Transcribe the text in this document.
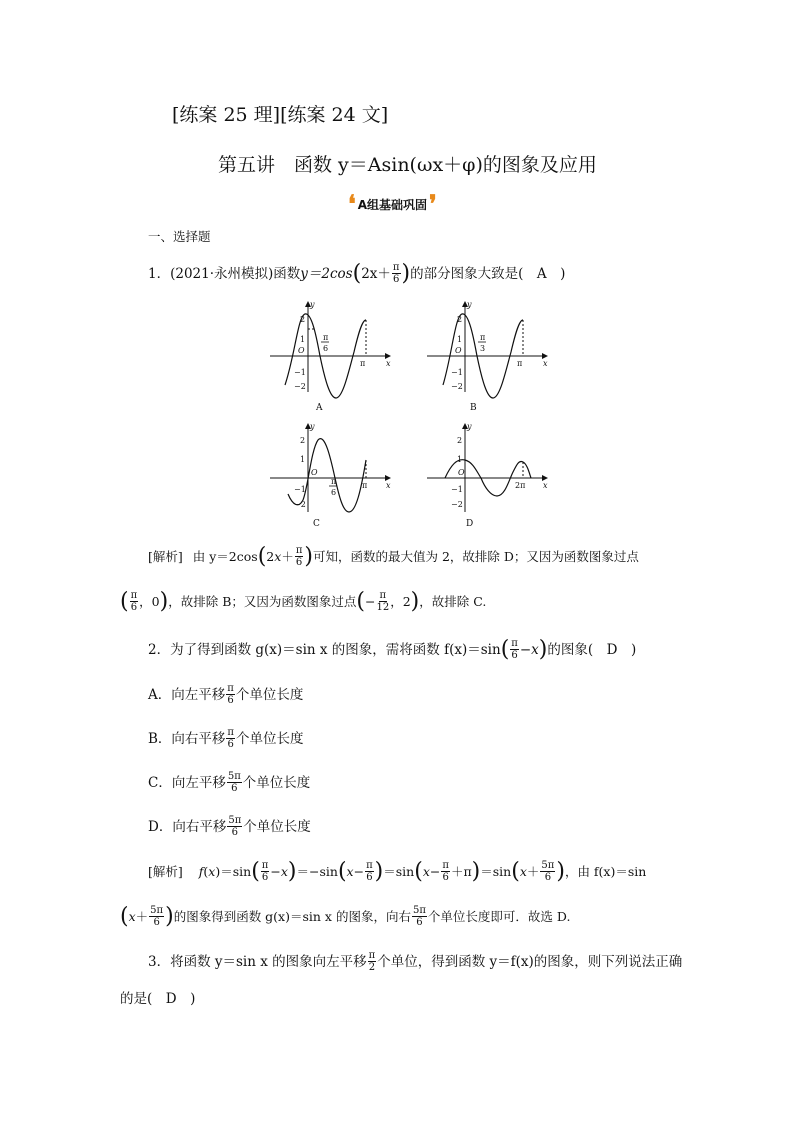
[练案 25 理][练案 24 文]
第五讲　函数 y＝Asin(ωx＋φ)的图象及应用
❛ A组基础巩固 ❜
一、选择题
1．(2021·永州模拟)函数 y＝2cos ( $2x+ \frac{\pi}{6}$ ) 的部分图象大致是(　A　)
y
x
O
2
1
−1
−2
π
6
π
A
y
x
O
2
1
−1
−2
π
3
π
B
y
x
O
2
1
−1
−2
π
6
π
C
y
x
O
2
1
−1
−2
2π
D
[解析] 由 y＝2cos ( $2x+ \frac{\pi}{6}$ ) 可知，函数的最大值为 2，故排除 D；又因为函数图象过点
( $\frac{\pi}{6}$ ，0 ) ，故排除 B；又因为函数图象过点 ( − $\frac{\pi}{12}$ ，2 ) ，故排除 C.
2．为了得到函数 g(x)＝sin x 的图象，需将函数 f(x)＝sin ( $\frac{\pi}{6} -x$ ) 的图象(　D　)
A．向左平移 $\frac{\pi}{6}$ 个单位长度
B．向右平移 $\frac{\pi}{6}$ 个单位长度
C．向左平移 $\frac{5\pi}{6}$ 个单位长度
D．向右平移 $\frac{5\pi}{6}$ 个单位长度
[解析] f(x)＝sin ( $\frac{\pi}{6} -x$ ) ＝−sin ( $x- \frac{\pi}{6}$ ) ＝sin ( $x- \frac{\pi}{6} +\pi$ ) ＝sin ( $x+ \frac{5\pi}{6}$ ) ，由 f(x)＝sin
( $x+ \frac{5\pi}{6}$ ) 的图象得到函数 g(x)＝sin x 的图象，向右 $\frac{5\pi}{6}$ 个单位长度即可．故选 D.
3．将函数 y＝sin x 的图象向左平移 $\frac{\pi}{2}$ 个单位，得到函数 y＝f(x)的图象，则下列说法正确
的是(　D　)
